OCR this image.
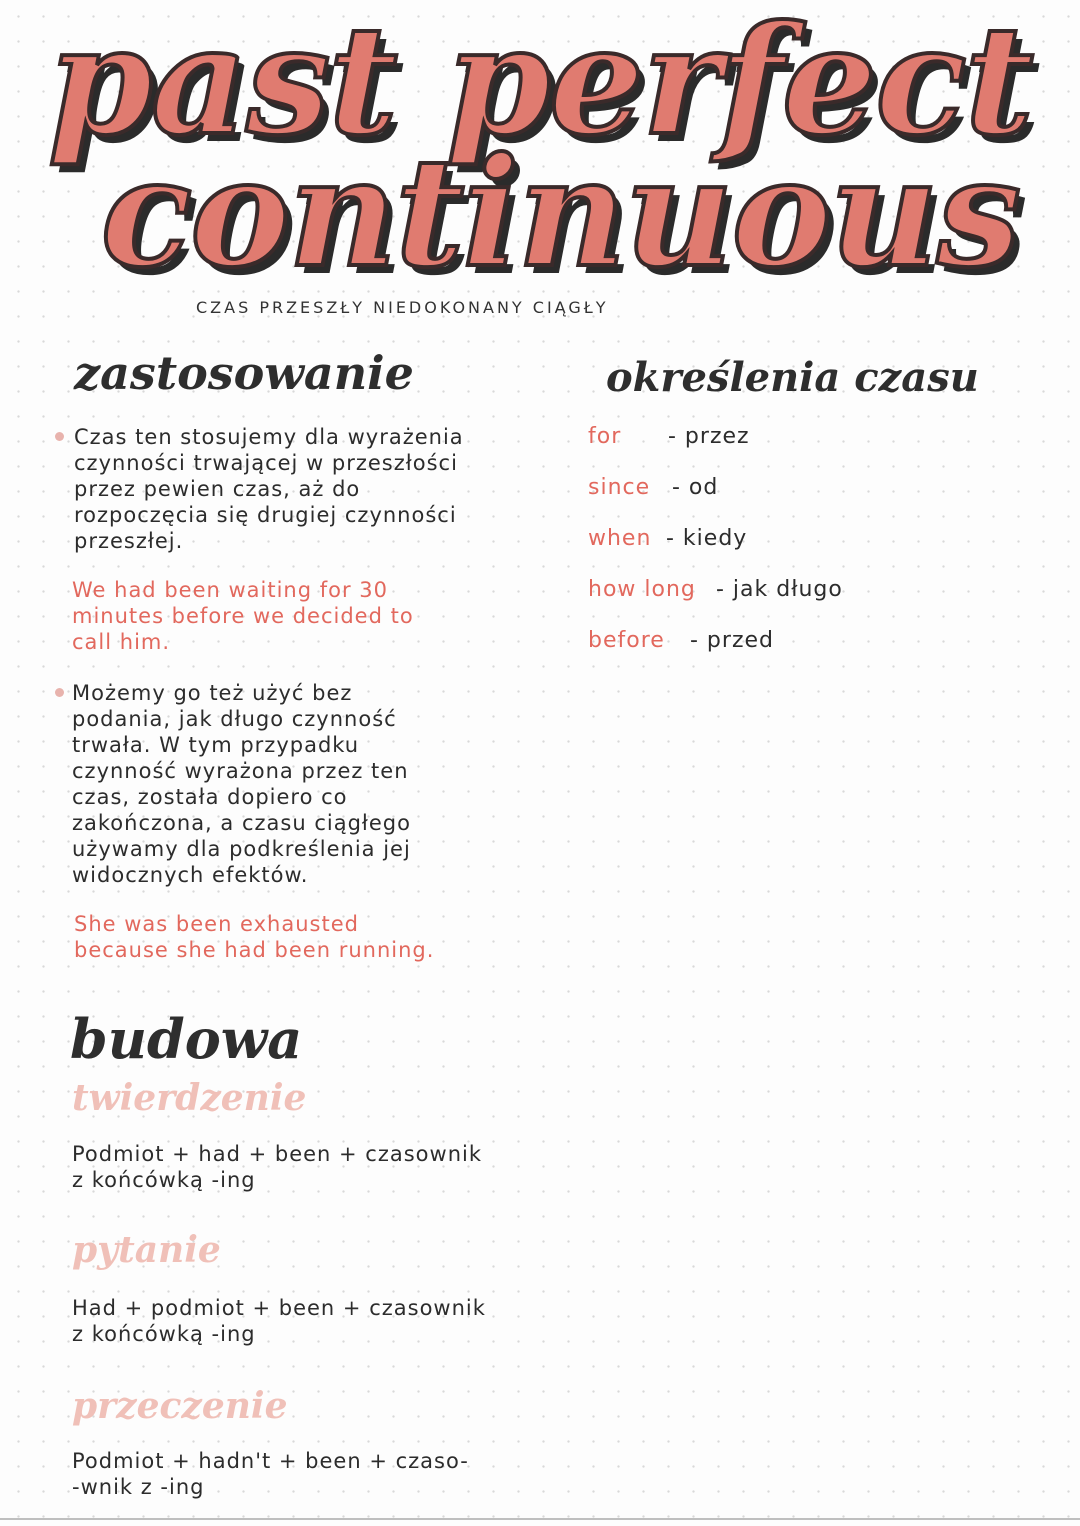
past perfect
continuous
CZAS PRZESZŁY NIEDOKONANY CIĄGŁY
zastosowanie
Czas ten stosujemy dla wyrażenia
czynności trwającej w przeszłości
przez pewien czas, aż do
rozpoczęcia się drugiej czynności
przeszłej.
We had been waiting for 30
minutes before we decided to
call him.
Możemy go też użyć bez
podania, jak długo czynność
trwała. W tym przypadku
czynność wyrażona przez ten
czas, została dopiero co
zakończona, a czasu ciągłego
używamy dla podkreślenia jej
widocznych efektów.
She was been exhausted
because she had been running.
określenia czasu
for - przez
since - od
when - kiedy
how long - jak długo
before - przed
budowa
twierdzenie
Podmiot + had + been + czasownik
z końcówką -ing
pytanie
Had + podmiot + been + czasownik
z końcówką -ing
przeczenie
Podmiot + hadn't + been + czaso-
-wnik z -ing
